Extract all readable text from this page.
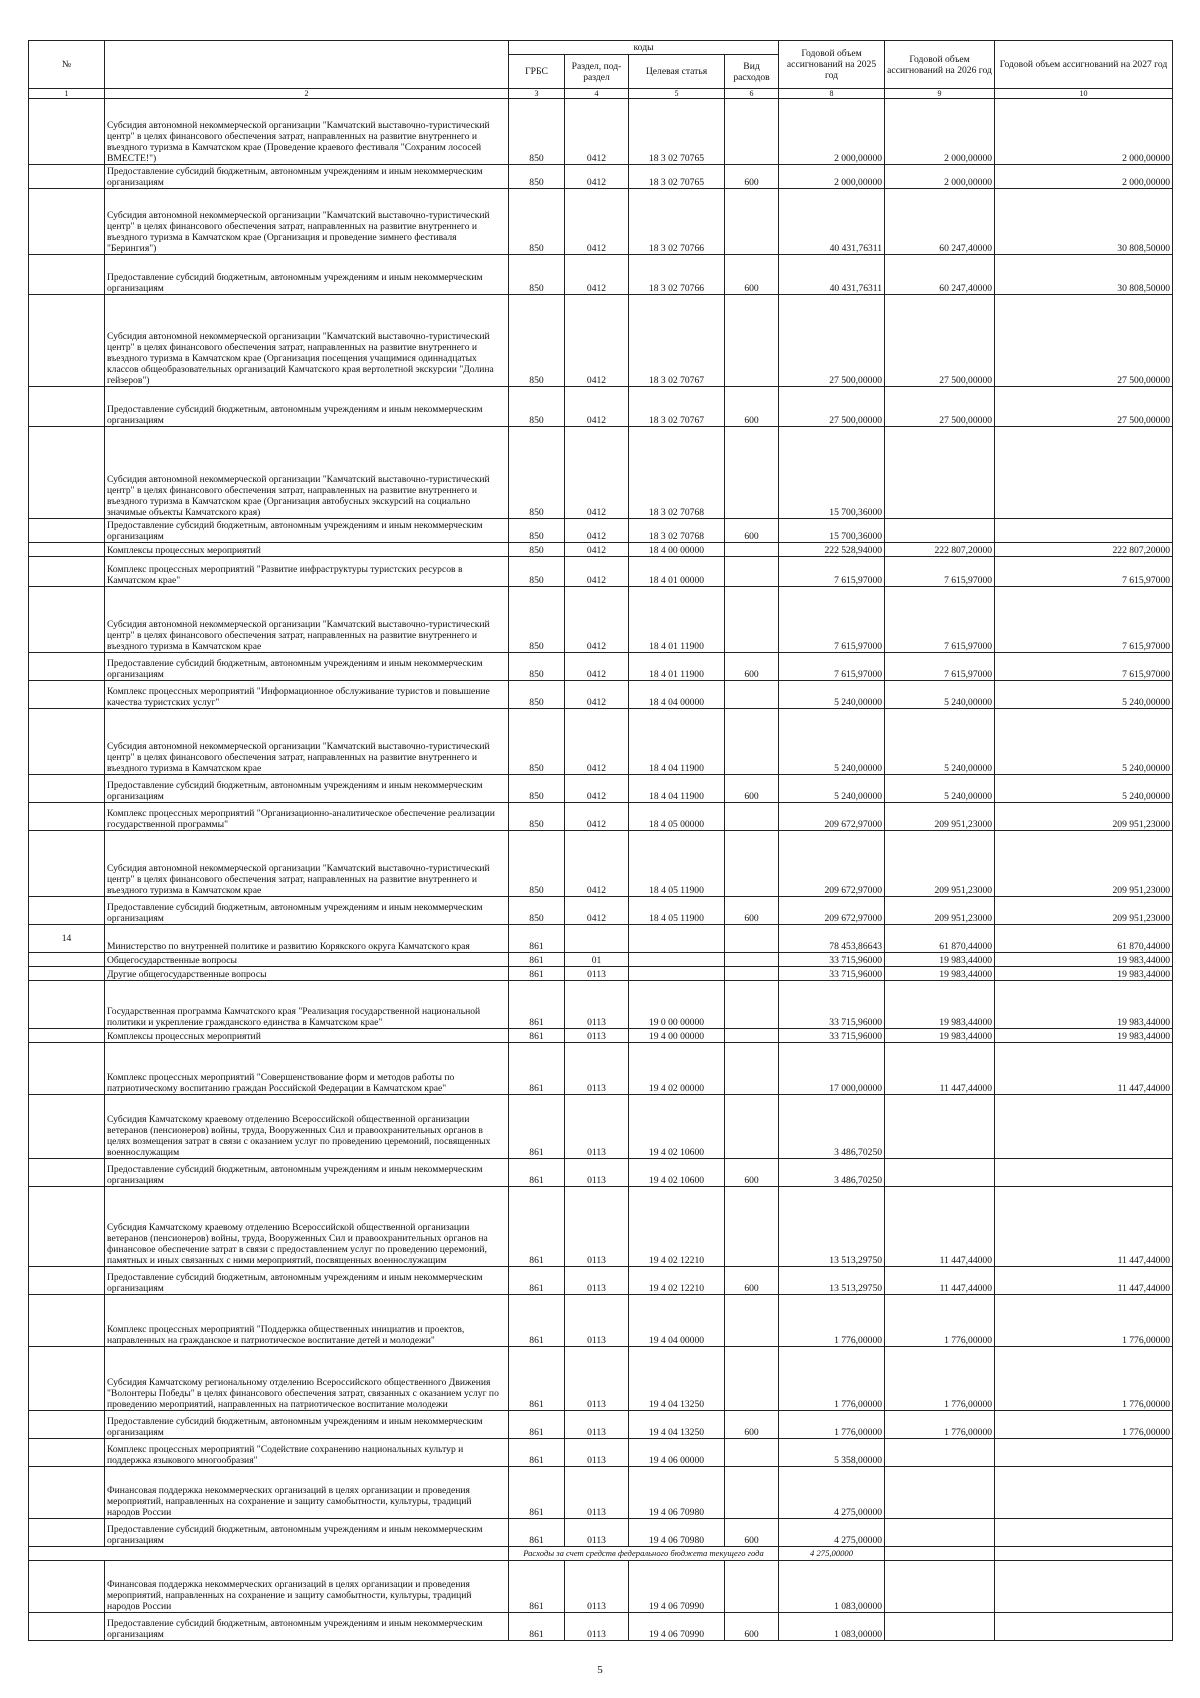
№		коды				Годовой объем ассигнований на 2025 год	Годовой объем ассигнований на 2026 год	Годовой объем ассигнований на 2027 год
		ГРБС	Раздел, под-раздел	Целевая статья	Вид расходов			
1	2	3	4	5	6	8	9	10
	Субсидия автономной некоммерческой организации "Камчатский выставочно-туристический центр" в целях финансового обеспечения затрат, направленных на развитие внутреннего и въездного туризма в Камчатском крае (Проведение краевого фестиваля "Сохраним лососей ВМЕСТЕ!")	850	0412	18 3 02 70765		2 000,00000	2 000,00000	2 000,00000
	Предоставление субсидий бюджетным, автономным учреждениям и иным некоммерческим организациям	850	0412	18 3 02 70765	600	2 000,00000	2 000,00000	2 000,00000
	Субсидия автономной некоммерческой организации "Камчатский выставочно-туристический центр" в целях финансового обеспечения затрат, направленных на развитие внутреннего и въездного туризма в Камчатском крае (Организация и проведение зимнего фестиваля "Берингия")	850	0412	18 3 02 70766		40 431,76311	60 247,40000	30 808,50000
	Предоставление субсидий бюджетным, автономным учреждениям и иным некоммерческим организациям	850	0412	18 3 02 70766	600	40 431,76311	60 247,40000	30 808,50000
	Субсидия автономной некоммерческой организации "Камчатский выставочно-туристический центр" в целях финансового обеспечения затрат, направленных на развитие внутреннего и въездного туризма в Камчатском крае (Организация посещения учащимися одиннадцатых классов общеобразовательных организаций Камчатского края вертолетной экскурсии "Долина гейзеров")	850	0412	18 3 02 70767		27 500,00000	27 500,00000	27 500,00000
	Предоставление субсидий бюджетным, автономным учреждениям и иным некоммерческим организациям	850	0412	18 3 02 70767	600	27 500,00000	27 500,00000	27 500,00000
	Субсидия автономной некоммерческой организации "Камчатский выставочно-туристический центр" в целях финансового обеспечения затрат, направленных на развитие внутреннего и въездного туризма в Камчатском крае (Организация автобусных экскурсий на социально значимые объекты Камчатского края)	850	0412	18 3 02 70768		15 700,36000		
	Предоставление субсидий бюджетным, автономным учреждениям и иным некоммерческим организациям	850	0412	18 3 02 70768	600	15 700,36000		
	Комплексы процессных мероприятий	850	0412	18 4 00 00000		222 528,94000	222 807,20000	222 807,20000
	Комплекс процессных мероприятий "Развитие инфраструктуры туристских ресурсов в Камчатском крае"	850	0412	18 4 01 00000		7 615,97000	7 615,97000	7 615,97000
	Субсидия автономной некоммерческой организации "Камчатский выставочно-туристический центр" в целях финансового обеспечения затрат, направленных на развитие внутреннего и въездного туризма в Камчатском крае	850	0412	18 4 01 11900		7 615,97000	7 615,97000	7 615,97000
	Предоставление субсидий бюджетным, автономным учреждениям и иным некоммерческим организациям	850	0412	18 4 01 11900	600	7 615,97000	7 615,97000	7 615,97000
	Комплекс процессных мероприятий "Информационное обслуживание туристов и повышение качества туристских услуг"	850	0412	18 4 04 00000		5 240,00000	5 240,00000	5 240,00000
	Субсидия автономной некоммерческой организации "Камчатский выставочно-туристический центр" в целях финансового обеспечения затрат, направленных на развитие внутреннего и въездного туризма в Камчатском крае	850	0412	18 4 04 11900		5 240,00000	5 240,00000	5 240,00000
	Предоставление субсидий бюджетным, автономным учреждениям и иным некоммерческим организациям	850	0412	18 4 04 11900	600	5 240,00000	5 240,00000	5 240,00000
	Комплекс процессных мероприятий "Организационно-аналитическое обеспечение реализации государственной программы"	850	0412	18 4 05 00000		209 672,97000	209 951,23000	209 951,23000
	Субсидия автономной некоммерческой организации "Камчатский выставочно-туристический центр" в целях финансового обеспечения затрат, направленных на развитие внутреннего и въездного туризма в Камчатском крае	850	0412	18 4 05 11900		209 672,97000	209 951,23000	209 951,23000
	Предоставление субсидий бюджетным, автономным учреждениям и иным некоммерческим организациям	850	0412	18 4 05 11900	600	209 672,97000	209 951,23000	209 951,23000
14	Министерство по внутренней политике и развитию Корякского округа Камчатского края	861				78 453,86643	61 870,44000	61 870,44000
	Общегосударственные вопросы	861	01			33 715,96000	19 983,44000	19 983,44000
	Другие общегосударственные вопросы	861	0113			33 715,96000	19 983,44000	19 983,44000
	Государственная программа Камчатского края "Реализация государственной национальной политики и укрепление гражданского единства в Камчатском крае"	861	0113	19 0 00 00000		33 715,96000	19 983,44000	19 983,44000
	Комплексы процессных мероприятий	861	0113	19 4 00 00000		33 715,96000	19 983,44000	19 983,44000
	Комплекс процессных мероприятий "Совершенствование форм и методов работы по патриотическому воспитанию граждан Российской Федерации в Камчатском крае"	861	0113	19 4 02 00000		17 000,00000	11 447,44000	11 447,44000
	Субсидия Камчатскому краевому отделению Всероссийской общественной организации ветеранов (пенсионеров) войны, труда, Вооруженных Сил и правоохранительных органов в целях возмещения затрат в связи с оказанием услуг по проведению церемоний, посвященных военнослужащим	861	0113	19 4 02 10600		3 486,70250		
	Предоставление субсидий бюджетным, автономным учреждениям и иным некоммерческим организациям	861	0113	19 4 02 10600	600	3 486,70250		
	Субсидия Камчатскому краевому отделению Всероссийской общественной организации ветеранов (пенсионеров) войны, труда, Вооруженных Сил и правоохранительных органов на финансовое обеспечение затрат в связи с предоставлением услуг по проведению церемоний, памятных и иных связанных с ними мероприятий, посвященных военнослужащим	861	0113	19 4 02 12210		13 513,29750	11 447,44000	11 447,44000
	Предоставление субсидий бюджетным, автономным учреждениям и иным некоммерческим организациям	861	0113	19 4 02 12210	600	13 513,29750	11 447,44000	11 447,44000
	Комплекс процессных мероприятий "Поддержка общественных инициатив и проектов, направленных на гражданское и патриотическое воспитание детей и молодежи"	861	0113	19 4 04 00000		1 776,00000	1 776,00000	1 776,00000
	Субсидия Камчатскому региональному отделению Всероссийского общественного Движения "Волонтеры Победы" в целях финансового обеспечения затрат, связанных с оказанием услуг по проведению мероприятий, направленных на патриотическое воспитание молодежи	861	0113	19 4 04 13250		1 776,00000	1 776,00000	1 776,00000
	Предоставление субсидий бюджетным, автономным учреждениям и иным некоммерческим организациям	861	0113	19 4 04 13250	600	1 776,00000	1 776,00000	1 776,00000
	Комплекс процессных мероприятий "Содействие сохранению национальных культур и поддержка языкового многообразия"	861	0113	19 4 06 00000		5 358,00000		
	Финансовая поддержка некоммерческих организаций в целях организации и проведения мероприятий, направленных на сохранение и защиту самобытности, культуры, традиций народов России	861	0113	19 4 06 70980		4 275,00000		
	Предоставление субсидий бюджетным, автономным учреждениям и иным некоммерческим организациям	861	0113	19 4 06 70980	600	4 275,00000		
		Расходы за счет средств федерального бюджета текущего года				4 275,00000		
	Финансовая поддержка некоммерческих организаций в целях организации и проведения мероприятий, направленных на сохранение и защиту самобытности, культуры, традиций народов России	861	0113	19 4 06 70990		1 083,00000		
	Предоставление субсидий бюджетным, автономным учреждениям и иным некоммерческим организациям	861	0113	19 4 06 70990	600	1 083,00000		
5
